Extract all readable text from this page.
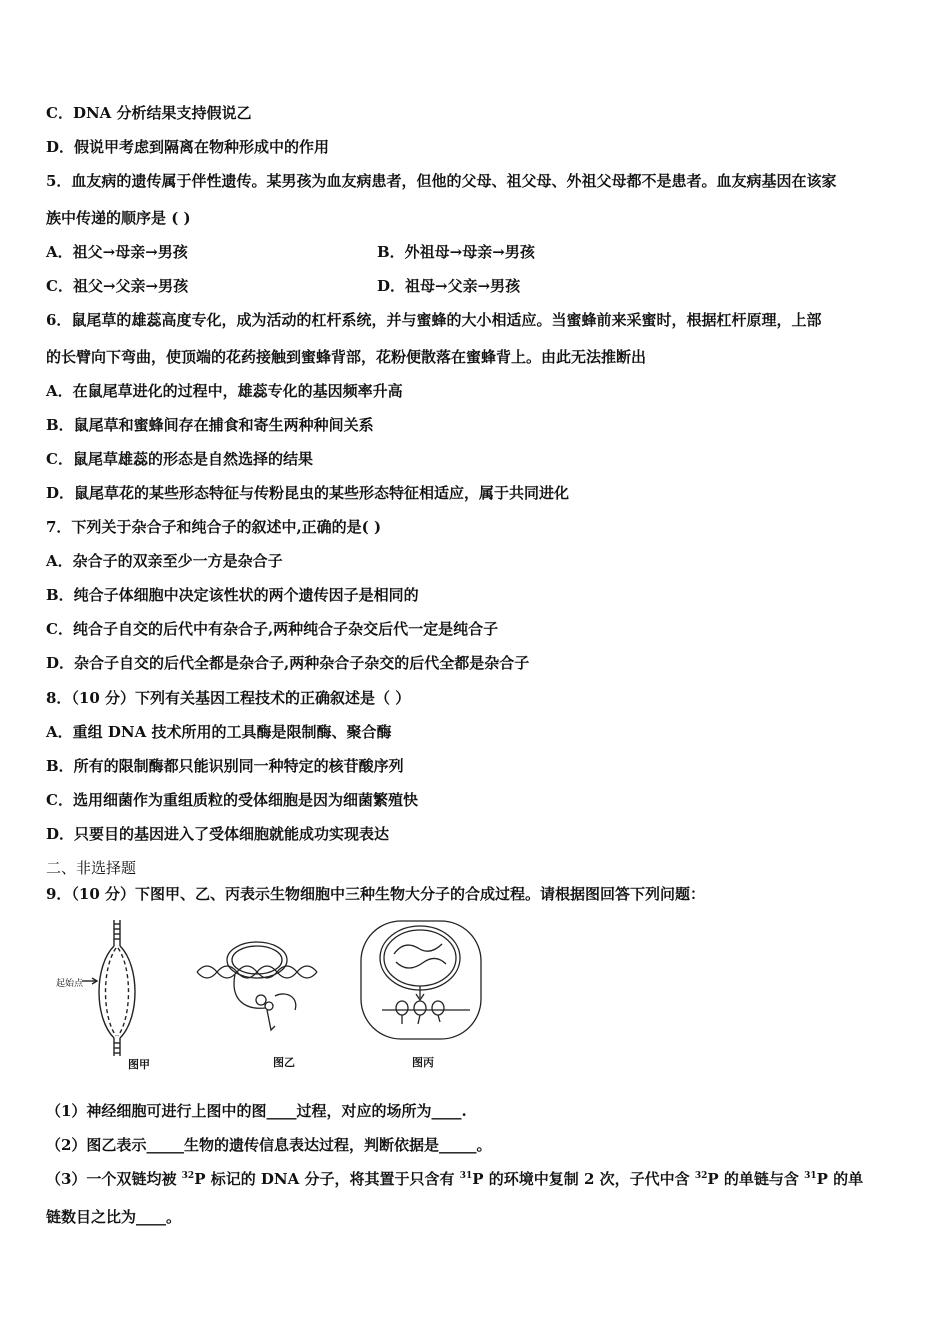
C．DNA 分析结果支持假说乙
D．假说甲考虑到隔离在物种形成中的作用
5．血友病的遗传属于伴性遗传。某男孩为血友病患者，但他的父母、祖父母、外祖父母都不是患者。血友病基因在该家
族中传递的顺序是 ( )
A．祖父→母亲→男孩	B．外祖母→母亲→男孩
C．祖父→父亲→男孩	D．祖母→父亲→男孩
6．鼠尾草的雄蕊高度专化，成为活动的杠杆系统，并与蜜蜂的大小相适应。当蜜蜂前来采蜜时，根据杠杆原理，上部
的长臂向下弯曲，使顶端的花药接触到蜜蜂背部，花粉便散落在蜜蜂背上。由此无法推断出
A．在鼠尾草进化的过程中，雄蕊专化的基因频率升高
B．鼠尾草和蜜蜂间存在捕食和寄生两种种间关系
C．鼠尾草雄蕊的形态是自然选择的结果
D．鼠尾草花的某些形态特征与传粉昆虫的某些形态特征相适应，属于共同进化
7．下列关于杂合子和纯合子的叙述中,正确的是( )
A．杂合子的双亲至少一方是杂合子
B．纯合子体细胞中决定该性状的两个遗传因子是相同的
C．纯合子自交的后代中有杂合子,两种纯合子杂交后代一定是纯合子
D．杂合子自交的后代全都是杂合子,两种杂合子杂交的后代全都是杂合子
8．（10 分）下列有关基因工程技术的正确叙述是（ ）
A．重组 DNA 技术所用的工具酶是限制酶、聚合酶
B．所有的限制酶都只能识别同一种特定的核苷酸序列
C．选用细菌作为重组质粒的受体细胞是因为细菌繁殖快
D．只要目的基因进入了受体细胞就能成功实现表达
二、非选择题
9．（10 分）下图甲、乙、丙表示生物细胞中三种生物大分子的合成过程。请根据图回答下列问题：
起始点
图甲	图乙	图丙
（1）神经细胞可进行上图中的图____过程，对应的场所为____.
（2）图乙表示_____生物的遗传信息表达过程，判断依据是_____。
（3）一个双链均被 $^{32}$P 标记的 DNA 分子，将其置于只含有 $^{31}$P 的环境中复制 2 次，子代中含 $^{32}$P 的单链与含 $^{31}$P 的单
链数目之比为____。
